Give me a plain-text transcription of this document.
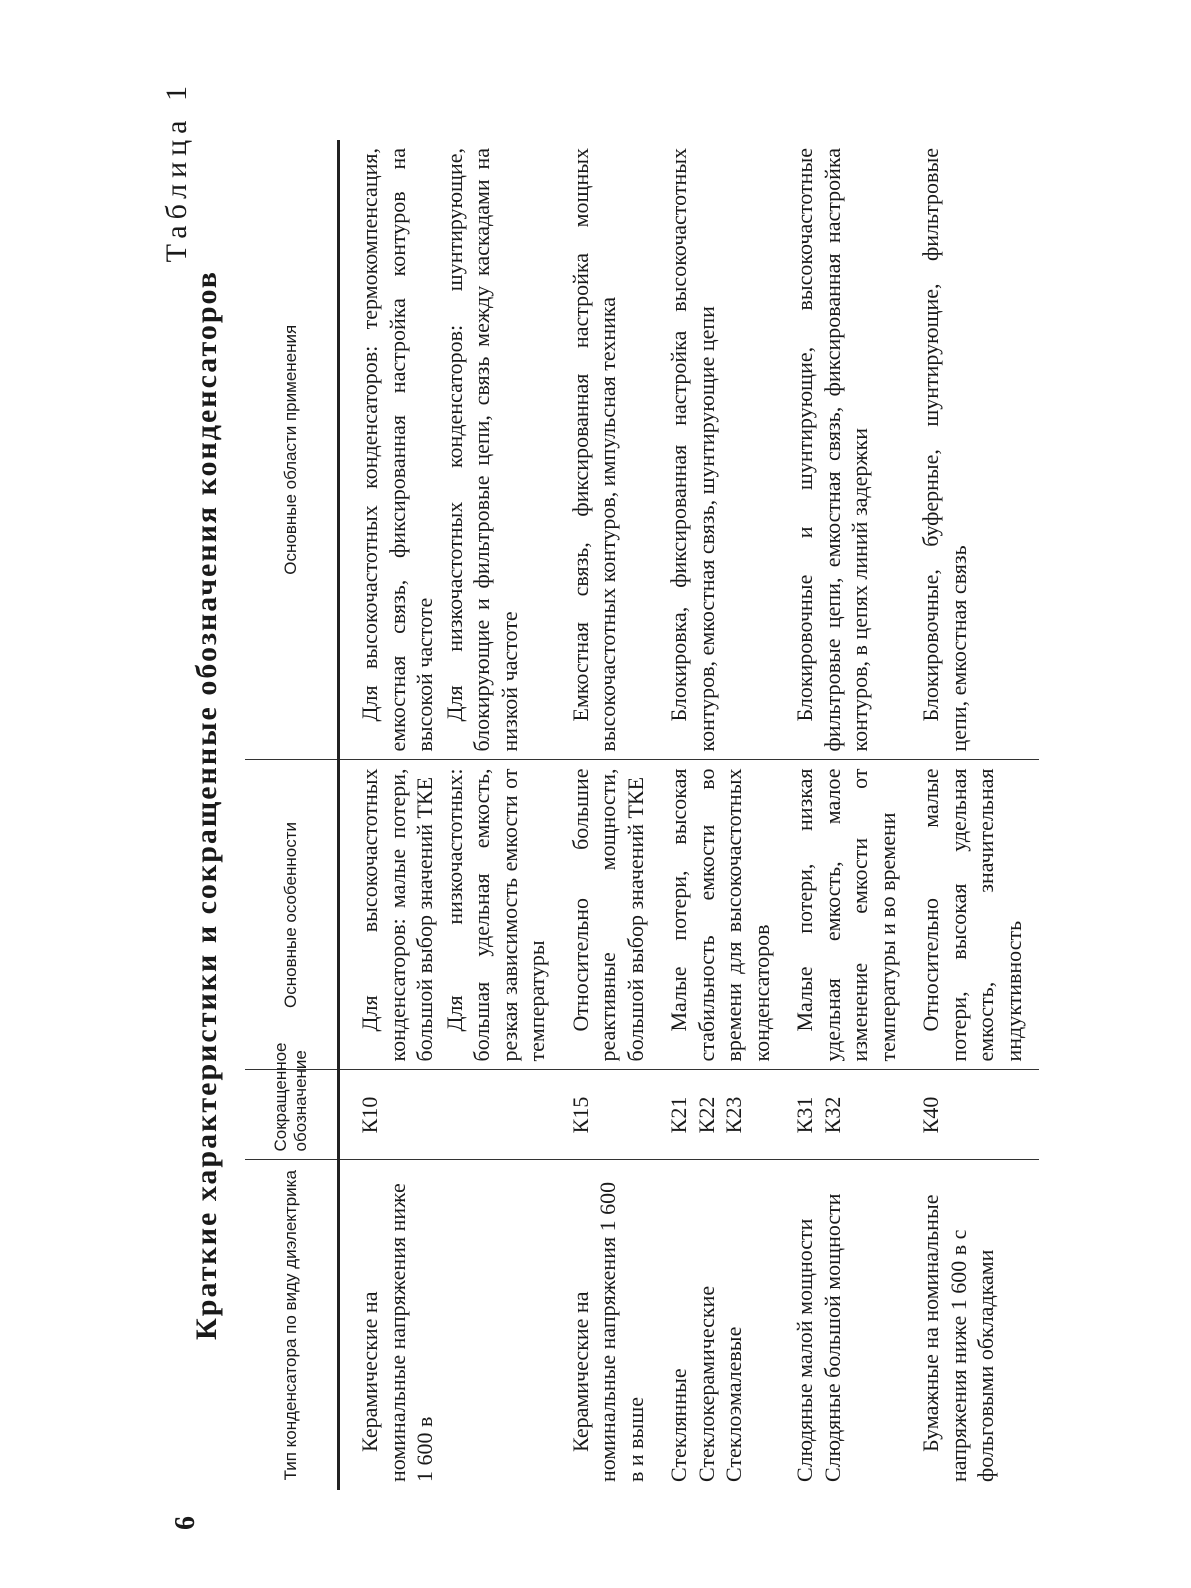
6
Таблица 1
Краткие характеристики и сокращенные обозначения конденсаторов	Тип конденсатора по виду диэлектрика	Сокращенное обозначение	Основные особенности	Основные области применения

Керамические на номинальные напряжения ниже 1 600 в	К10	Для высокочастотных конденсаторов: малые потери, большой выбор значений ТКЕ Для низкочастотных: большая удельная емкость, резкая зависимость емкости от температуры	Для высокочастотных конденсаторов: термокомпенсация, емкостная связь, фиксированная настройка контуров на высокой частоте Для низкочастотных конденсаторов: шунтирующие, блокирующие и фильтровые цепи, связь между каскадами на низкой частоте

Керамические на номинальные напряжения 1 600 в и выше	К15	Относительно большие реактивные мощности, большой выбор значений ТКЕ	Емкостная связь, фиксированная настройка мощных высокочастотных контуров, импульсная техника

Стеклянные Стеклокерамические Стеклоэмалевые	К21 К22 К23	Малые потери, высокая стабильность емкости во времени для высокочастотных конденсаторов	Блокировка, фиксированная настройка высокочастотных контуров, емкостная связь, шунтирующие цепи

Слюдяные малой мощности Слюдяные большой мощности	К31 К32	Малые потери, низкая удельная емкость, малое изменение емкости от температуры и во времени	Блокировочные и шунтирующие, высокочастотные фильтровые цепи, емкостная связь, фиксированная настройка контуров, в цепях линий задержки

Бумажные на номинальные напряжения ниже 1 600 в с фольговыми обкладками	К40	Относительно малые потери, высокая удельная емкость, значительная индуктивность	Блокировочные, буферные, шунтирующие, фильтровые цепи, емкостная связь
